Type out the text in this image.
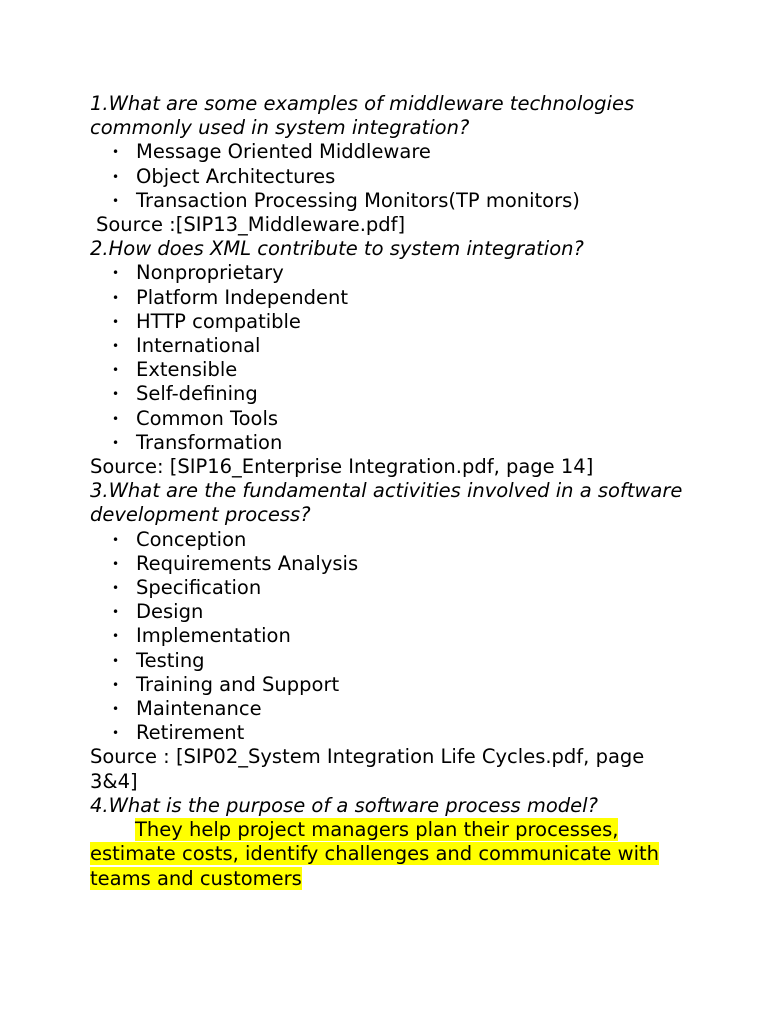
1.What are some examples of middleware technologies commonly used in system integration?

• Message Oriented Middleware
• Object Architectures
• Transaction Processing Monitors(TP monitors)

Source :[SIP13_Middleware.pdf]

2.How does XML contribute to system integration?

• Nonproprietary
• Platform Independent
• HTTP compatible
• International
• Extensible
• Self-defining
• Common Tools
• Transformation

Source: [SIP16_Enterprise Integration.pdf, page 14]

3.What are the fundamental activities involved in a software development process?

• Conception
• Requirements Analysis
• Specification
• Design
• Implementation
• Testing
• Training and Support
• Maintenance
• Retirement

Source : [SIP02_System Integration Life Cycles.pdf, page 3&4]

4.What is the purpose of a software process model?

They help project managers plan their processes, estimate costs, identify challenges and communicate with teams and customers
